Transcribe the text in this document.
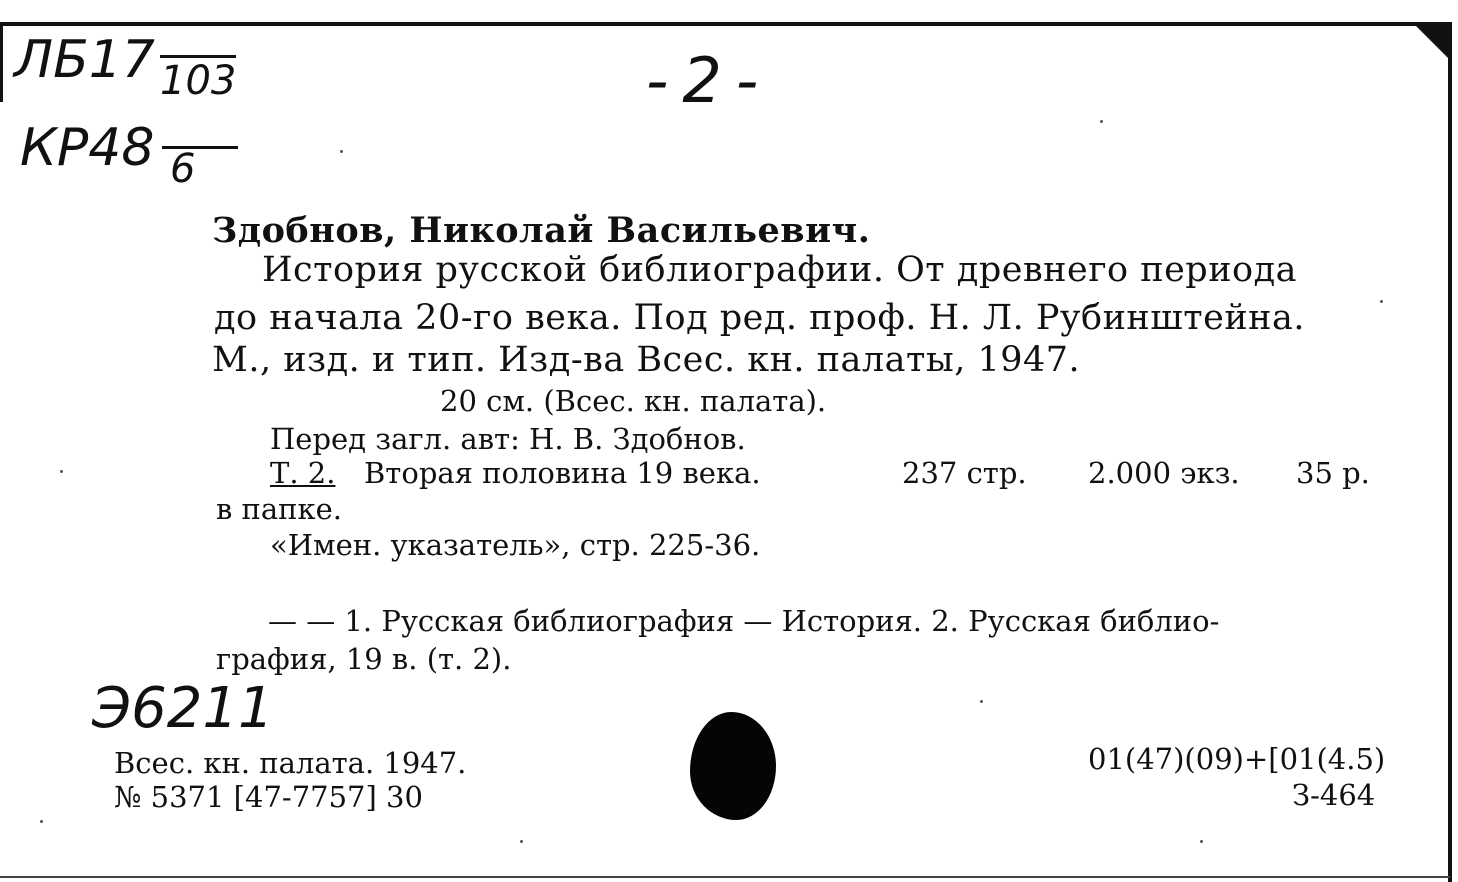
ЛБ17 103
КР48 6
-2-
Здобнов, Николай Васильевич.
История русской библиографии. От древнего периода
до начала 20-го века. Под ред. проф. Н. Л. Рубинштейна.
М., изд. и тип. Изд-ва Всес. кн. палаты, 1947.
20 см. (Всес. кн. палата).
Перед загл. авт: Н. В. Здобнов.
Т. 2. Вторая половина 19 века.	237 стр. 2.000 экз. 35 р.
в папке.
«Имен. указатель», стр. 225-36.
— — 1. Русская библиография — История. 2. Русская библио-
графия, 19 в. (т. 2).
Э6211
Всес. кн. палата. 1947.
№ 5371 [47-7757] 30
01(47)(09)+[01(4.5)
З-464
